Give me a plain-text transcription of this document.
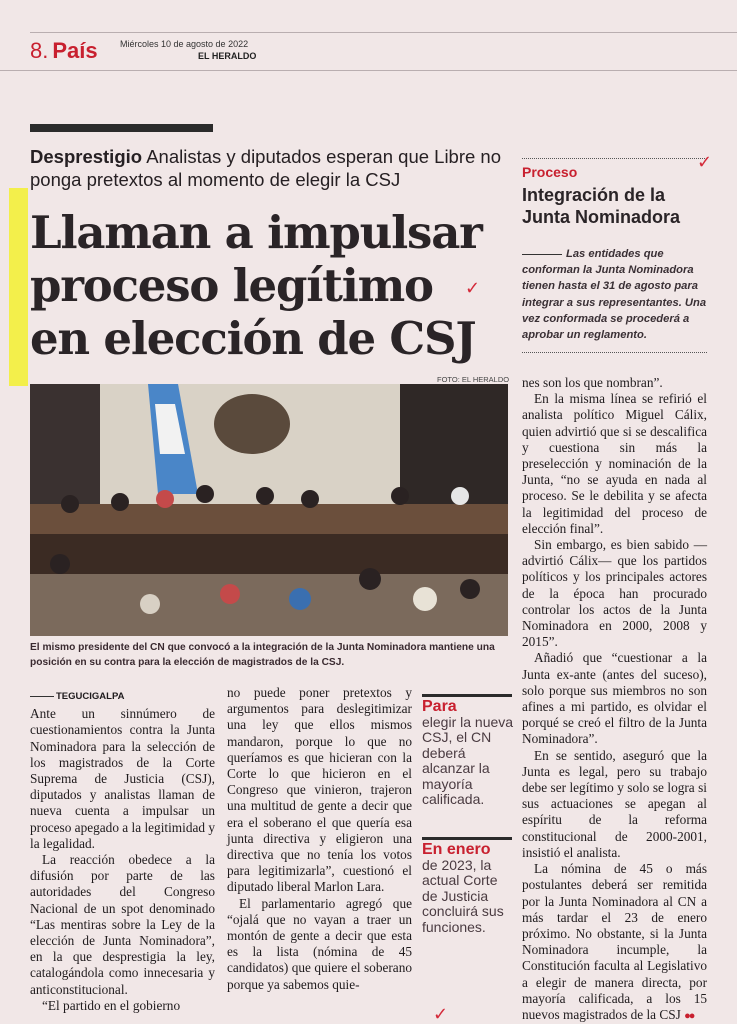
8. País Miércoles 10 de agosto de 2022
EL HERALDO
Desprestigio Analistas y diputados esperan que Libre no ponga pretextos al momento de elegir la CSJ
Llaman a impulsar
proceso legítimo
en elección de CSJ
✓
FOTO: EL HERALDO

El mismo presidente del CN que convocó a la integración de la Junta Nominadora mantiene una posición en su contra para la elección de magistrados de la CSJ.

TEGUCIGALPA

Ante un sinnúmero de cuestionamientos contra la Junta Nominadora para la selección de los magistrados de la Corte Suprema de Justicia (CSJ), diputados y analistas llaman de nueva cuenta a impulsar un proceso apegado a la legitimidad y la legalidad.

La reacción obedece a la difusión por parte de las autoridades del Congreso Nacional de un spot denominado “Las mentiras sobre la Ley de la elección de Junta Nominadora”, en la que desprestigia la ley, catalogándola como innecesaria y anticonstitucional.

“El partido en el gobierno

no puede poner pretextos y argumentos para deslegitimizar una ley que ellos mismos mandaron, porque lo que no queríamos es que hicieran con la Corte lo que hicieron en el Congreso que vinieron, trajeron una multitud de gente a decir que era el soberano el que quería esa junta directiva y eligieron una directiva que no tenía los votos para legitimizarla”, cuestionó el diputado liberal Marlon Lara.

El parlamentario agregó que “ojalá que no vayan a traer un montón de gente a decir que esta es la lista (nómina de 45 candidatos) que quiere el soberano porque ya sabemos quie-

Para
elegir la nueva CSJ, el CN deberá alcanzar la mayoría calificada.
En enero
de 2023, la actual Corte de Justicia concluirá sus funciones.
Proceso	✓
Integración de la Junta Nominadora
Las entidades que conforman la Junta Nominadora tienen hasta el 31 de agosto para integrar a sus representantes. Una vez conformada se procederá a aprobar un reglamento.

nes son los que nombran”.

En la misma línea se refirió el analista político Miguel Cálix, quien advirtió que si se descalifica y cuestiona sin más la preselección y nominación de la Junta, “no se ayuda en nada al proceso. Se le debilita y se afecta la legitimidad del proceso de elección final”.

Sin embargo, es bien sabido —advirtió Cálix— que los partidos políticos y los principales actores de la época han procurado controlar los actos de la Junta Nominadora en 2000, 2008 y 2015”.

Añadió que “cuestionar a la Junta ex-ante (antes del suceso), solo porque sus miembros no son afines a mi partido, es olvidar el porqué se creó el filtro de la Junta Nominadora”.

En se sentido, aseguró que la Junta es legal, pero su trabajo debe ser legítimo y solo se logra si sus actuaciones se apegan al espíritu de la reforma constitucional de 2000-2001, insistió el analista.

La nómina de 45 o más postulantes deberá ser remitida por la Junta Nominadora al CN a más tardar el 23 de enero próximo. No obstante, si la Junta Nominadora incumple, la Constitución faculta al Legislativo a elegir de manera directa, por mayoría calificada, a los 15 nuevos magistrados de la CSJ ●●

✓
